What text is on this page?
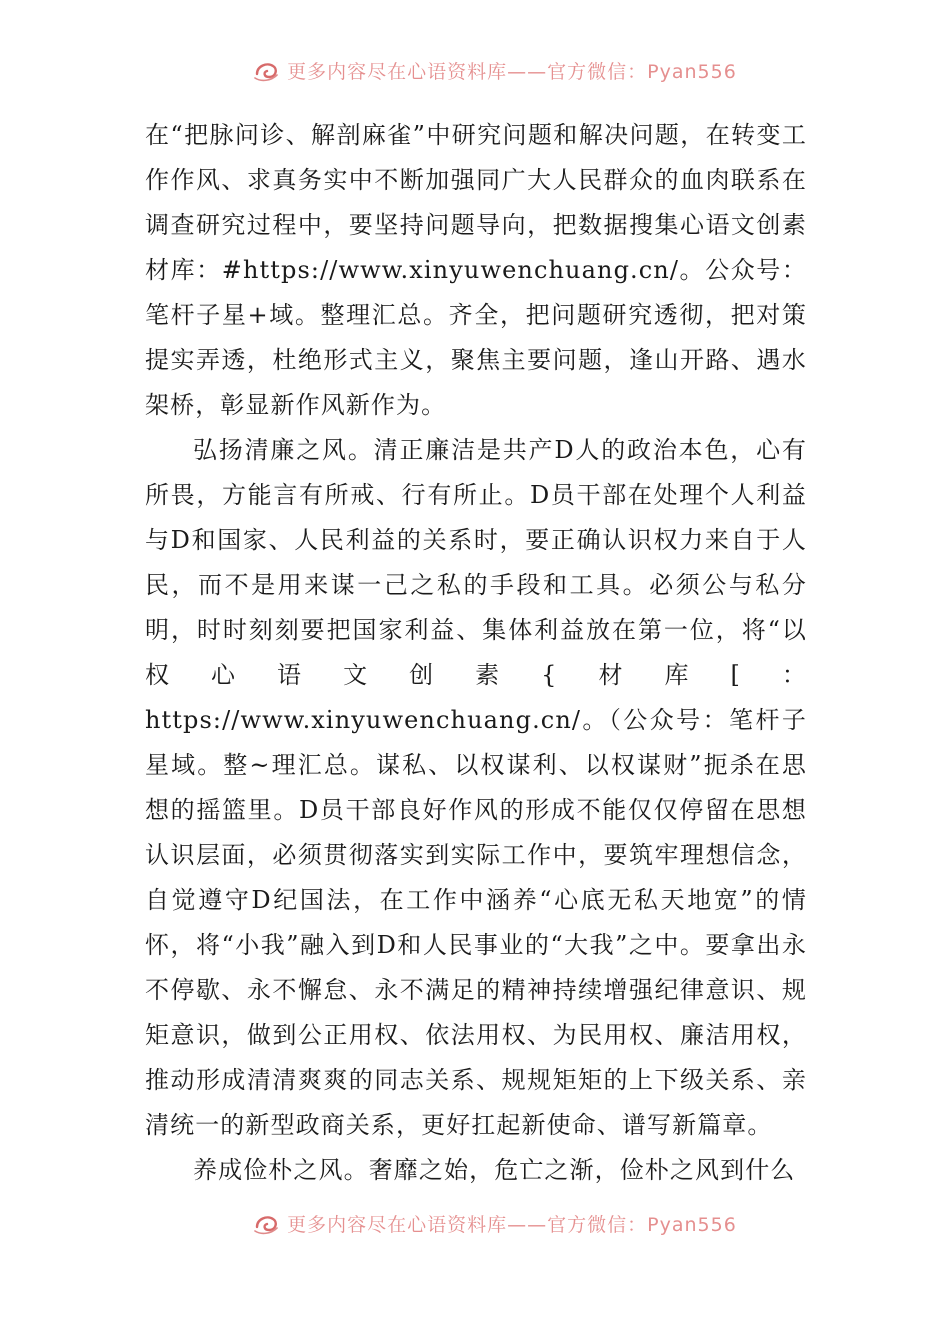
更多内容尽在心语资料库——官方微信：Pyan556

在“把脉问诊、解剖麻雀”中研究问题和解决问题，在转变工作作风、求真务实中不断加强同广大人民群众的血肉联系在调查研究过程中，要坚持问题导向，把数据搜集心语文创素材库：#https://www.xinyuwenchuang.cn/。公众号：笔杆子星+域。整理汇总。齐全，把问题研究透彻，把对策提实弄透，杜绝形式主义，聚焦主要问题，逢山开路、遇水架桥，彰显新作风新作为。

弘扬清廉之风。清正廉洁是共产D人的政治本色，心有所畏，方能言有所戒、行有所止。D员干部在处理个人利益与D和国家、人民利益的关系时，要正确认识权力来自于人民，而不是用来谋一己之私的手段和工具。必须公与私分明，时时刻刻要把国家利益、集体利益放在第一位，将“以权心语文创素{材库[：https://www.xinyuwenchuang.cn/。（公众号：笔杆子星域。整~理汇总。谋私、以权谋利、以权谋财”扼杀在思想的摇篮里。D员干部良好作风的形成不能仅仅停留在思想认识层面，必须贯彻落实到实际工作中，要筑牢理想信念，自觉遵守D纪国法，在工作中涵养“心底无私天地宽”的情怀，将“小我”融入到D和人民事业的“大我”之中。要拿出永不停歇、永不懈怠、永不满足的精神持续增强纪律意识、规矩意识，做到公正用权、依法用权、为民用权、廉洁用权，推动形成清清爽爽的同志关系、规规矩矩的上下级关系、亲清统一的新型政商关系，更好扛起新使命、谱写新篇章。

养成俭朴之风。奢靡之始，危亡之渐，俭朴之风到什么

更多内容尽在心语资料库——官方微信：Pyan556
